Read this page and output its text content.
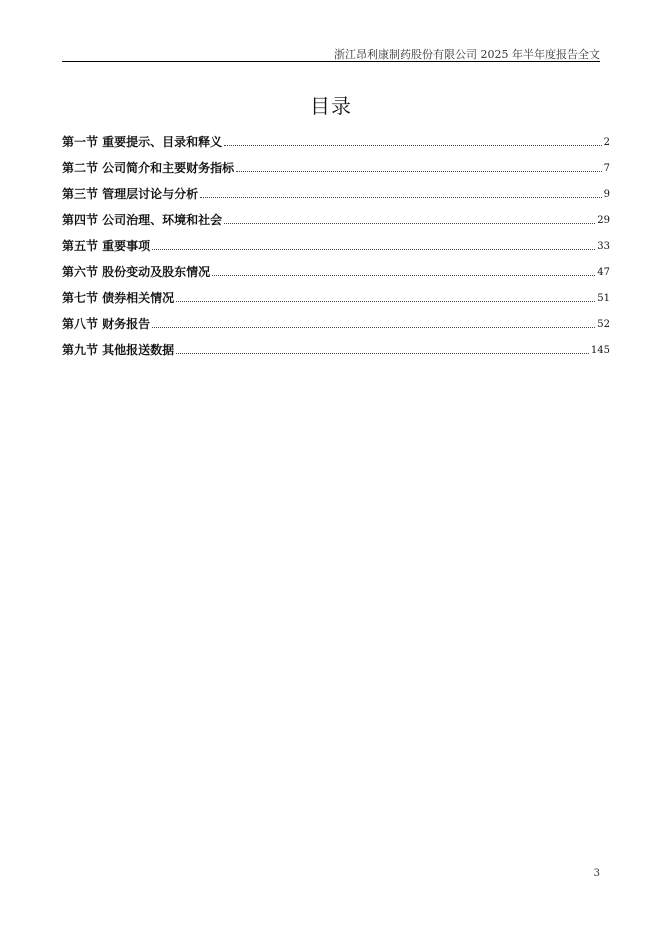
浙江昂利康制药股份有限公司 2025 年半年度报告全文
目录
第一节 重要提示、目录和释义	2
第二节 公司简介和主要财务指标	7
第三节 管理层讨论与分析	9
第四节 公司治理、环境和社会	29
第五节 重要事项	33
第六节 股份变动及股东情况	47
第七节 债券相关情况	51
第八节 财务报告	52
第九节 其他报送数据	145
3
